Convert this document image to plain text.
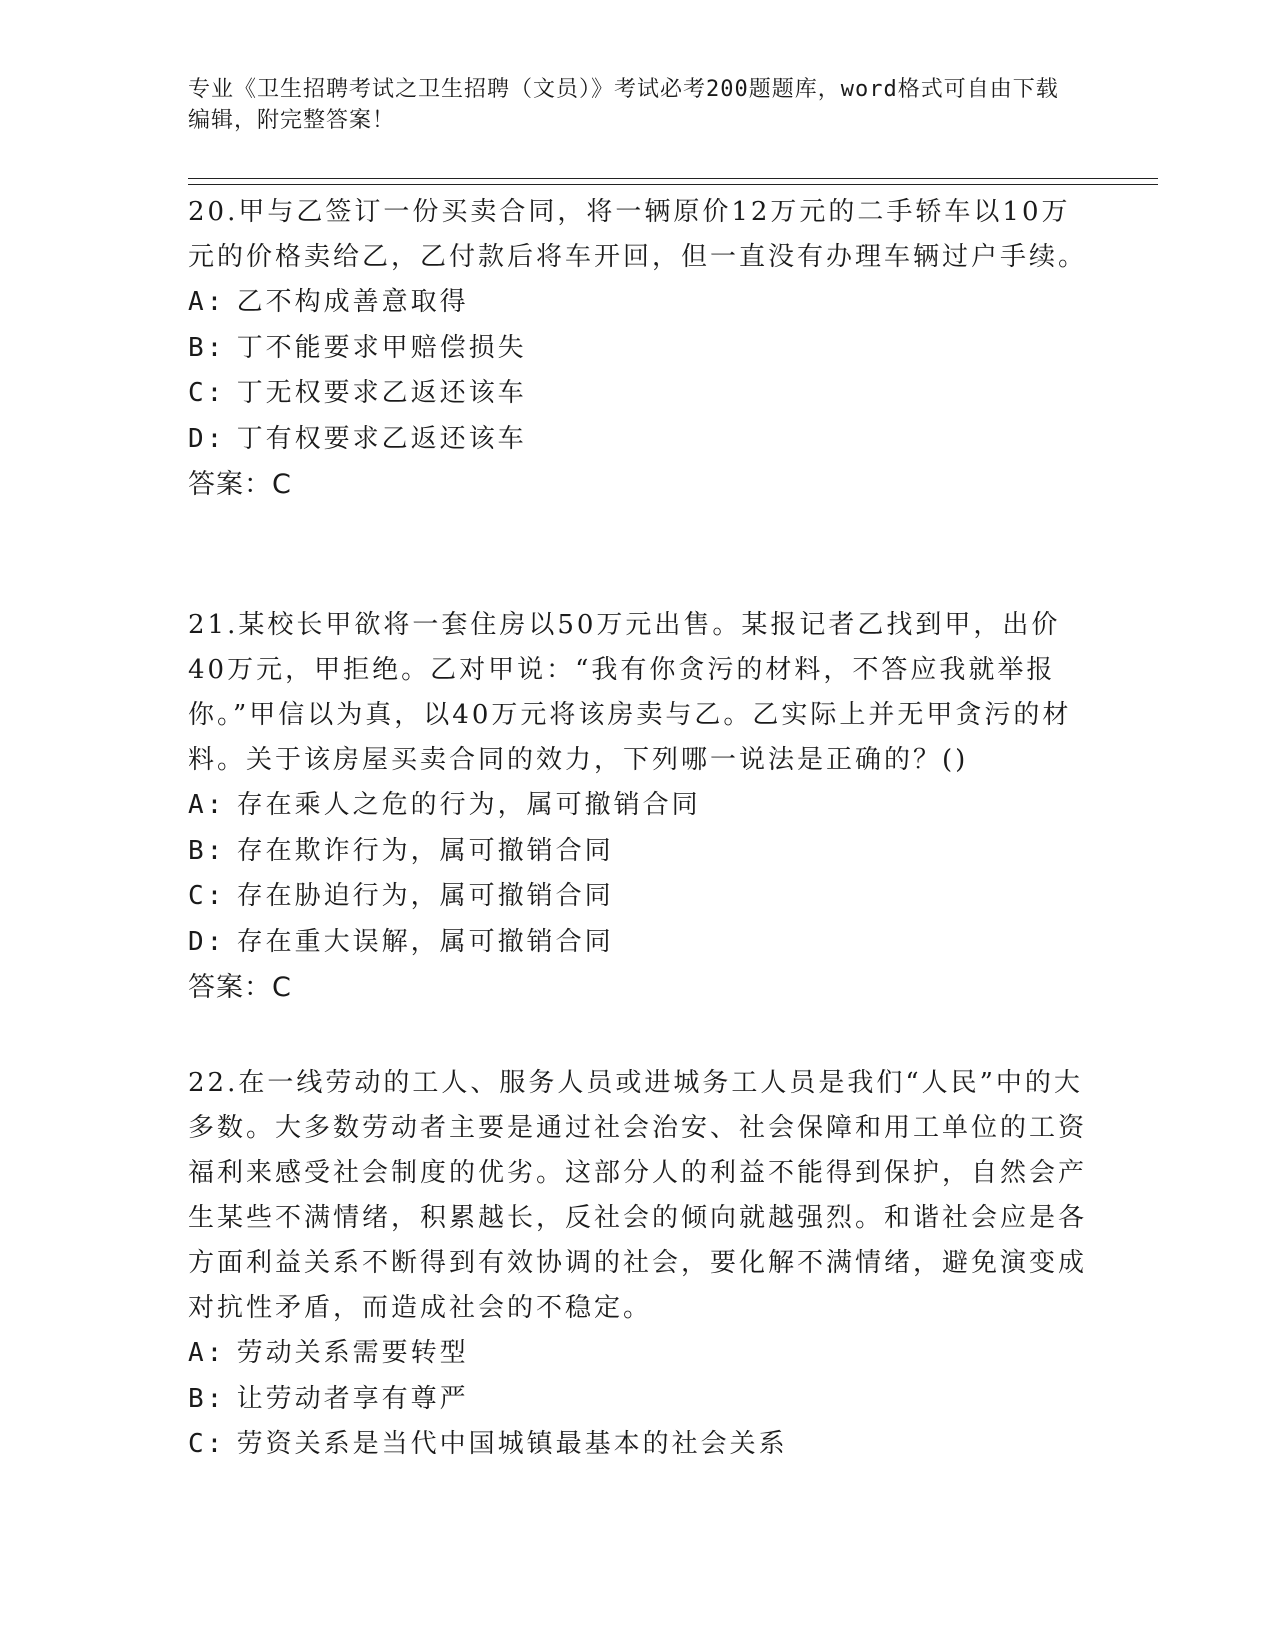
专业《卫生招聘考试之卫生招聘（文员）》考试必考200题题库，word格式可自由下载编辑，附完整答案！

20.甲与乙签订一份买卖合同，将一辆原价12万元的二手轿车以10万元的价格卖给乙，乙付款后将车开回，但一直没有办理车辆过户手续。

A: 乙不构成善意取得

B: 丁不能要求甲赔偿损失

C: 丁无权要求乙返还该车

D: 丁有权要求乙返还该车

答案：C

21.某校长甲欲将一套住房以50万元出售。某报记者乙找到甲，出价40万元，甲拒绝。乙对甲说：“我有你贪污的材料，不答应我就举报你。”甲信以为真，以40万元将该房卖与乙。乙实际上并无甲贪污的材料。关于该房屋买卖合同的效力，下列哪一说法是正确的？()

A: 存在乘人之危的行为，属可撤销合同

B: 存在欺诈行为，属可撤销合同

C: 存在胁迫行为，属可撤销合同

D: 存在重大误解，属可撤销合同

答案：C

22.在一线劳动的工人、服务人员或进城务工人员是我们“人民”中的大多数。大多数劳动者主要是通过社会治安、社会保障和用工单位的工资福利来感受社会制度的优劣。这部分人的利益不能得到保护，自然会产生某些不满情绪，积累越长，反社会的倾向就越强烈。和谐社会应是各方面利益关系不断得到有效协调的社会，要化解不满情绪，避免演变成对抗性矛盾，而造成社会的不稳定。

A: 劳动关系需要转型

B: 让劳动者享有尊严

C: 劳资关系是当代中国城镇最基本的社会关系
